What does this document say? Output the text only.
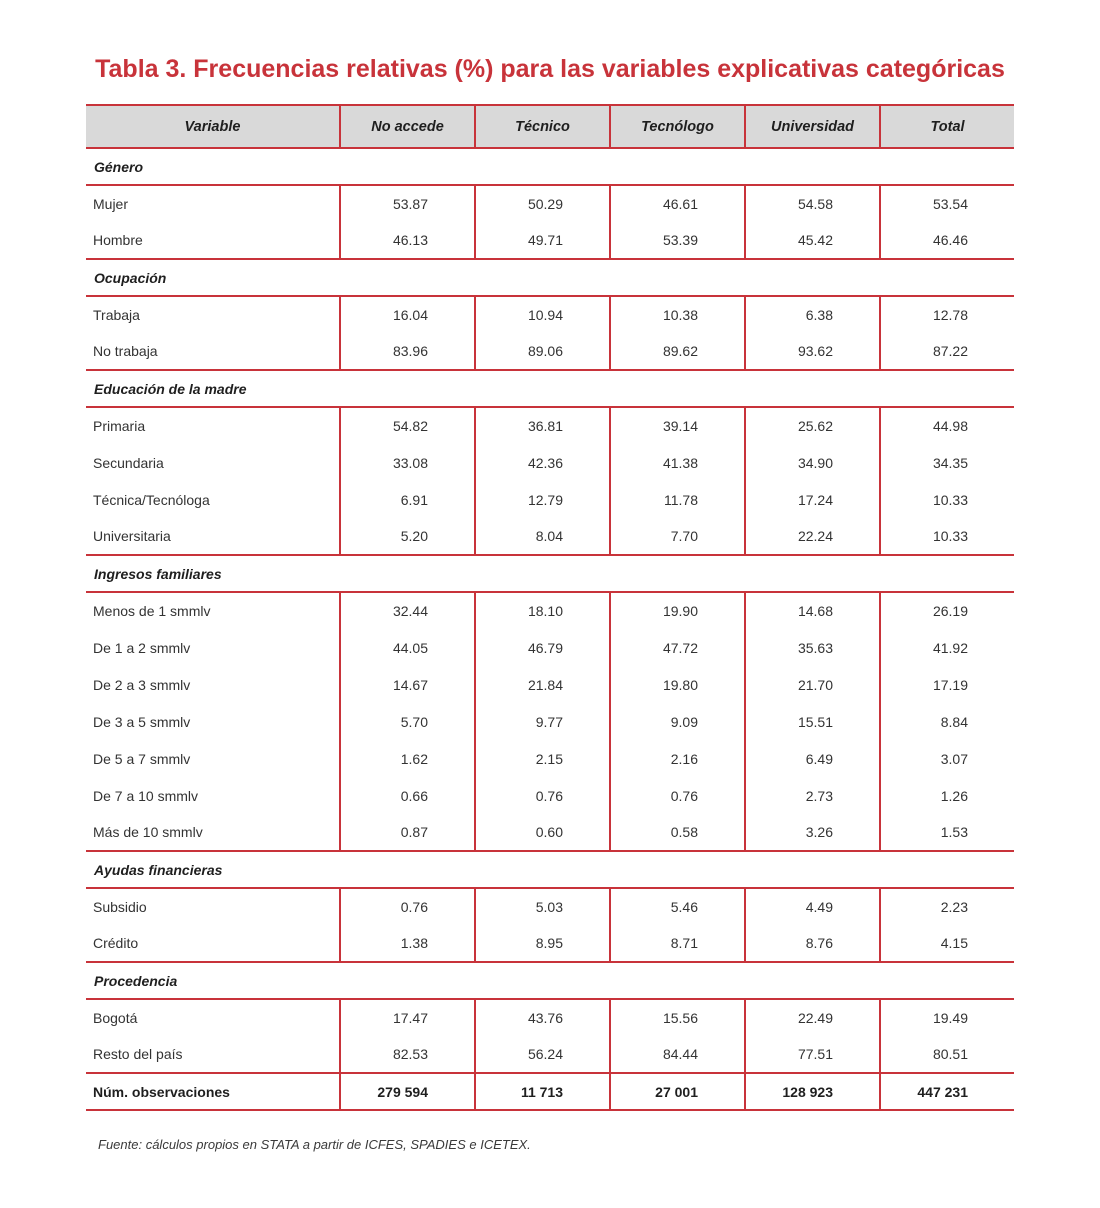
Tabla 3. Frecuencias relativas (%) para las variables explicativas categóricas
Variable	No accede	Técnico	Tecnólogo	Universidad	Total
Género					
Mujer	53.87	50.29	46.61	54.58	53.54
Hombre	46.13	49.71	53.39	45.42	46.46
Ocupación					
Trabaja	16.04	10.94	10.38	6.38	12.78
No trabaja	83.96	89.06	89.62	93.62	87.22
Educación de la madre					
Primaria	54.82	36.81	39.14	25.62	44.98
Secundaria	33.08	42.36	41.38	34.90	34.35
Técnica/Tecnóloga	6.91	12.79	11.78	17.24	10.33
Universitaria	5.20	8.04	7.70	22.24	10.33
Ingresos familiares					
Menos de 1 smmlv	32.44	18.10	19.90	14.68	26.19
De 1 a 2 smmlv	44.05	46.79	47.72	35.63	41.92
De 2 a 3 smmlv	14.67	21.84	19.80	21.70	17.19
De 3 a 5 smmlv	5.70	9.77	9.09	15.51	8.84
De 5 a 7 smmlv	1.62	2.15	2.16	6.49	3.07
De 7 a 10 smmlv	0.66	0.76	0.76	2.73	1.26
Más de 10 smmlv	0.87	0.60	0.58	3.26	1.53
Ayudas financieras					
Subsidio	0.76	5.03	5.46	4.49	2.23
Crédito	1.38	8.95	8.71	8.76	4.15
Procedencia					
Bogotá	17.47	43.76	15.56	22.49	19.49
Resto del país	82.53	56.24	84.44	77.51	80.51
Núm. observaciones	279 594	11 713	27 001	128 923	447 231
Fuente: cálculos propios en STATA a partir de ICFES, SPADIES e ICETEX.
